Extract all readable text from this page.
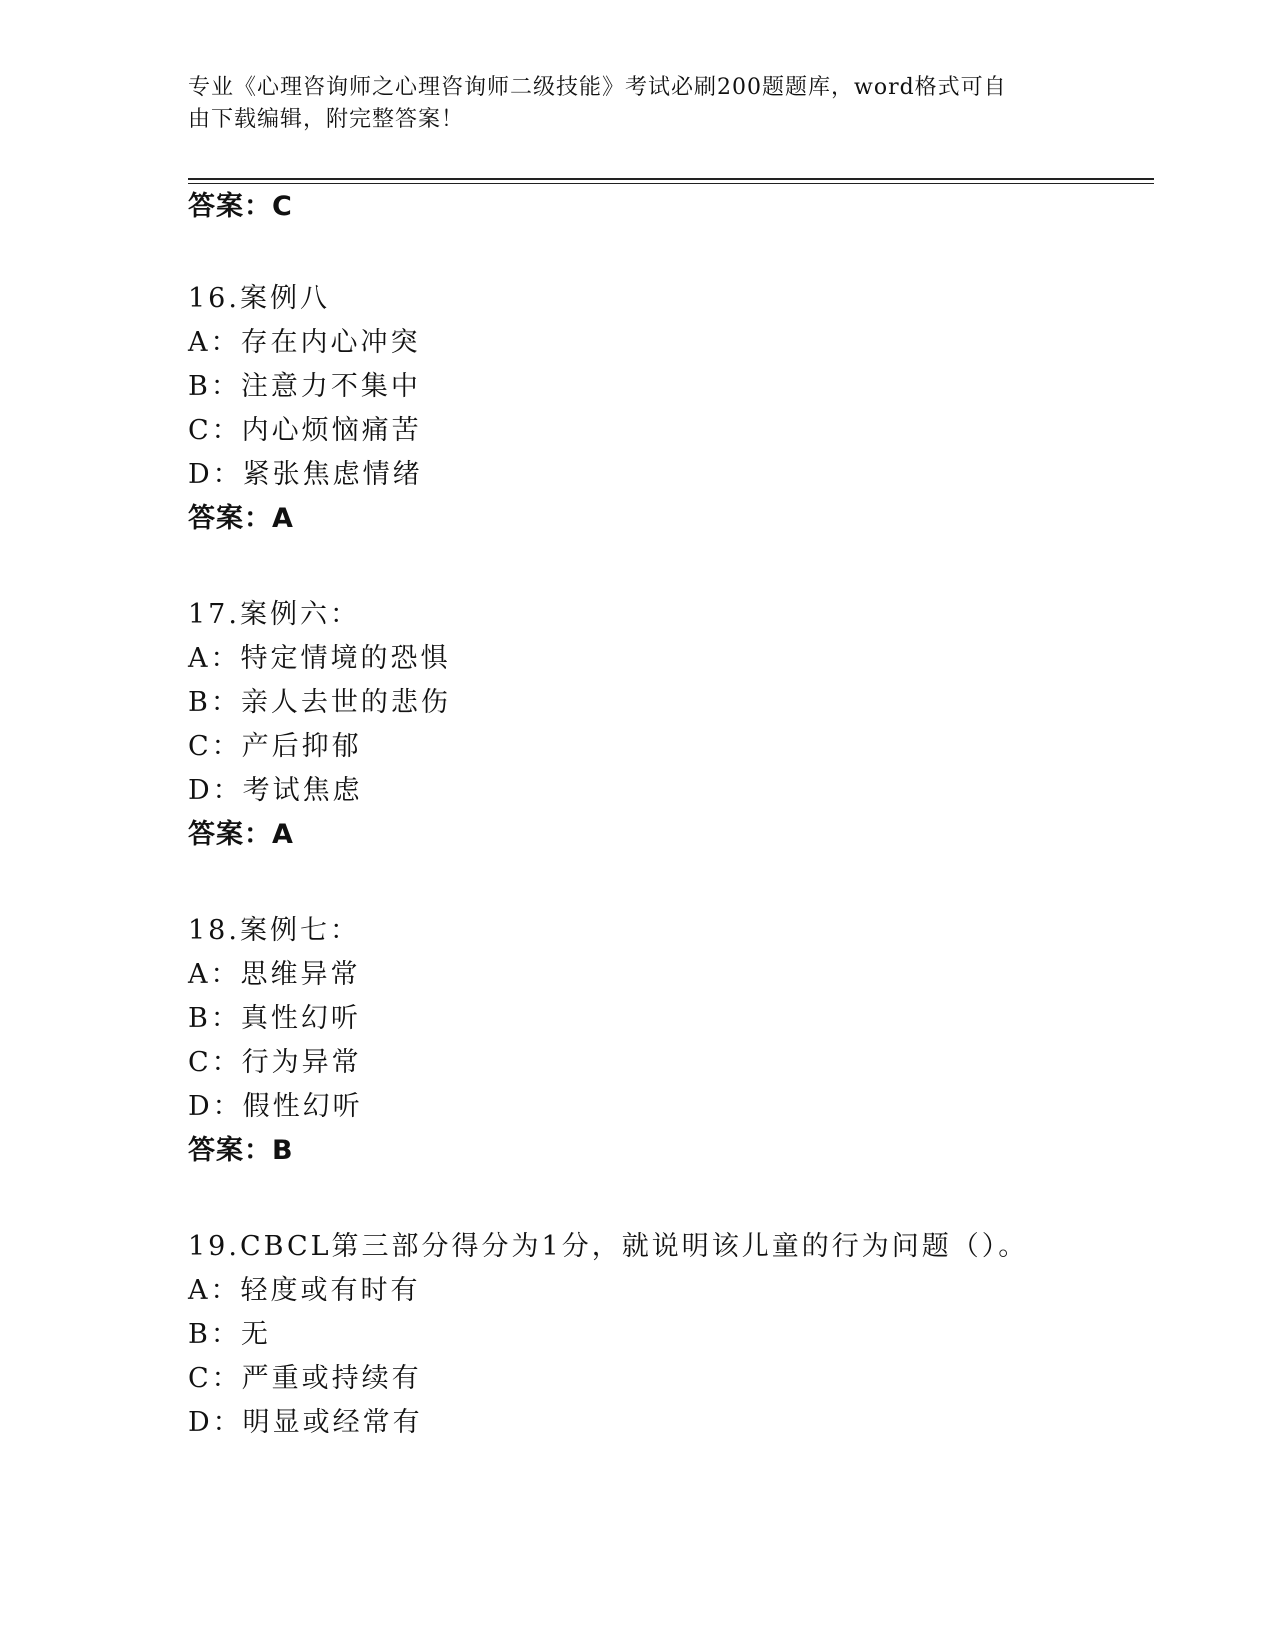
专业《心理咨询师之心理咨询师二级技能》考试必刷200题题库，word格式可自
由下载编辑，附完整答案！
答案：C
16.案例八
A：存在内心冲突
B：注意力不集中
C：内心烦恼痛苦
D：紧张焦虑情绪
答案：A
17.案例六：
A：特定情境的恐惧
B：亲人去世的悲伤
C：产后抑郁
D：考试焦虑
答案：A
18.案例七：
A：思维异常
B：真性幻听
C：行为异常
D：假性幻听
答案：B
19.CBCL第三部分得分为1分，就说明该儿童的行为问题（）。
A：轻度或有时有
B：无
C：严重或持续有
D：明显或经常有
